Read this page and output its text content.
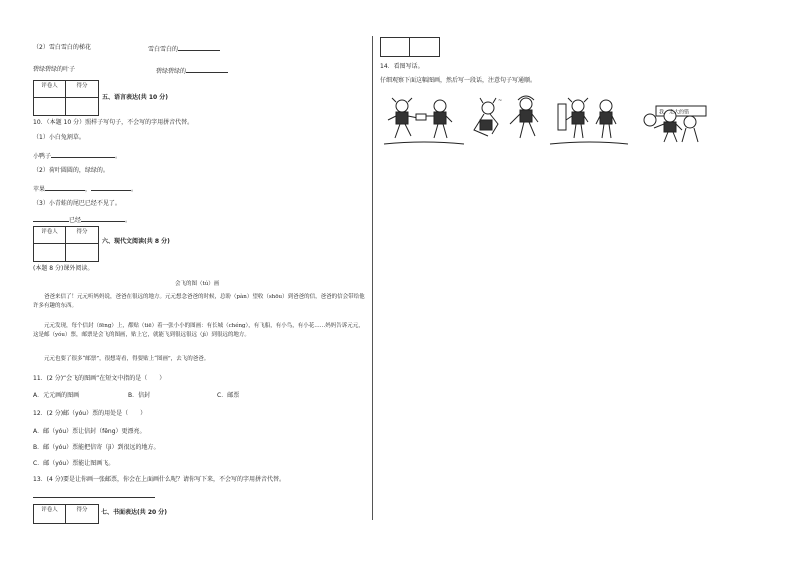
（2）雪白雪白的梯花	雪白雪白的
碧绿碧绿的叶子	碧绿碧绿的
评卷人	得分
五、语言表达(共 10 分)
10．（本题 10 分）照样子写句子，不会写的字用拼音代替。
（1）小白兔割草。
小鸭子	。
（2）荷叶圆圆的，绿绿的。
苹果	，	。
（3）小青蛙的尾巴已经不见了。
已经	。
评卷人	得分
六、现代文阅读(共 8 分)
(本题 8 分)课外阅读。
会飞的图（tú）画
爸爸来信了！元元听妈妈说，爸爸在很远的地方。元元想念爸爸的时候，总盼（pàn）望收（shōu）到爸爸的信，爸爸的信会带给他许多有趣的东西。
元元发现，每个信封（fēng）上，都贴（tiē）着一张小小的图画：有长城（chéng），有飞船，有小鸟，有小花……妈妈告诉元元，这是邮（yóu）票，邮票是会飞的图画，贴上它，就能飞到很远很远（jì）到很远的地方。
元元也要了很多“邮票”，很想寄看，得要贴上“图画”，去飞的爸爸。
11．(2 分)“会飞的图画”在短文中指的是（　　）
A．元元画的图画	B．信封	C．邮票
12．(2 分)邮（yóu）票的用处是（　　）
A．邮（yóu）票让信封（fēng）更漂亮。
B．邮（yóu）票能把信寄（jì）到很远的地方。
C．邮（yóu）票能让图画飞。
13．(4 分)要是让你画一张邮票，你会在上面画什么呢？请你写下来，不会写的字用拼音代替。
评卷人	得分	七、书面表达(共 20 分)
14．看图写话。
仔细观察下面这幅图画，然后写一段话，注意句子写通顺。
~
我，走大的错
